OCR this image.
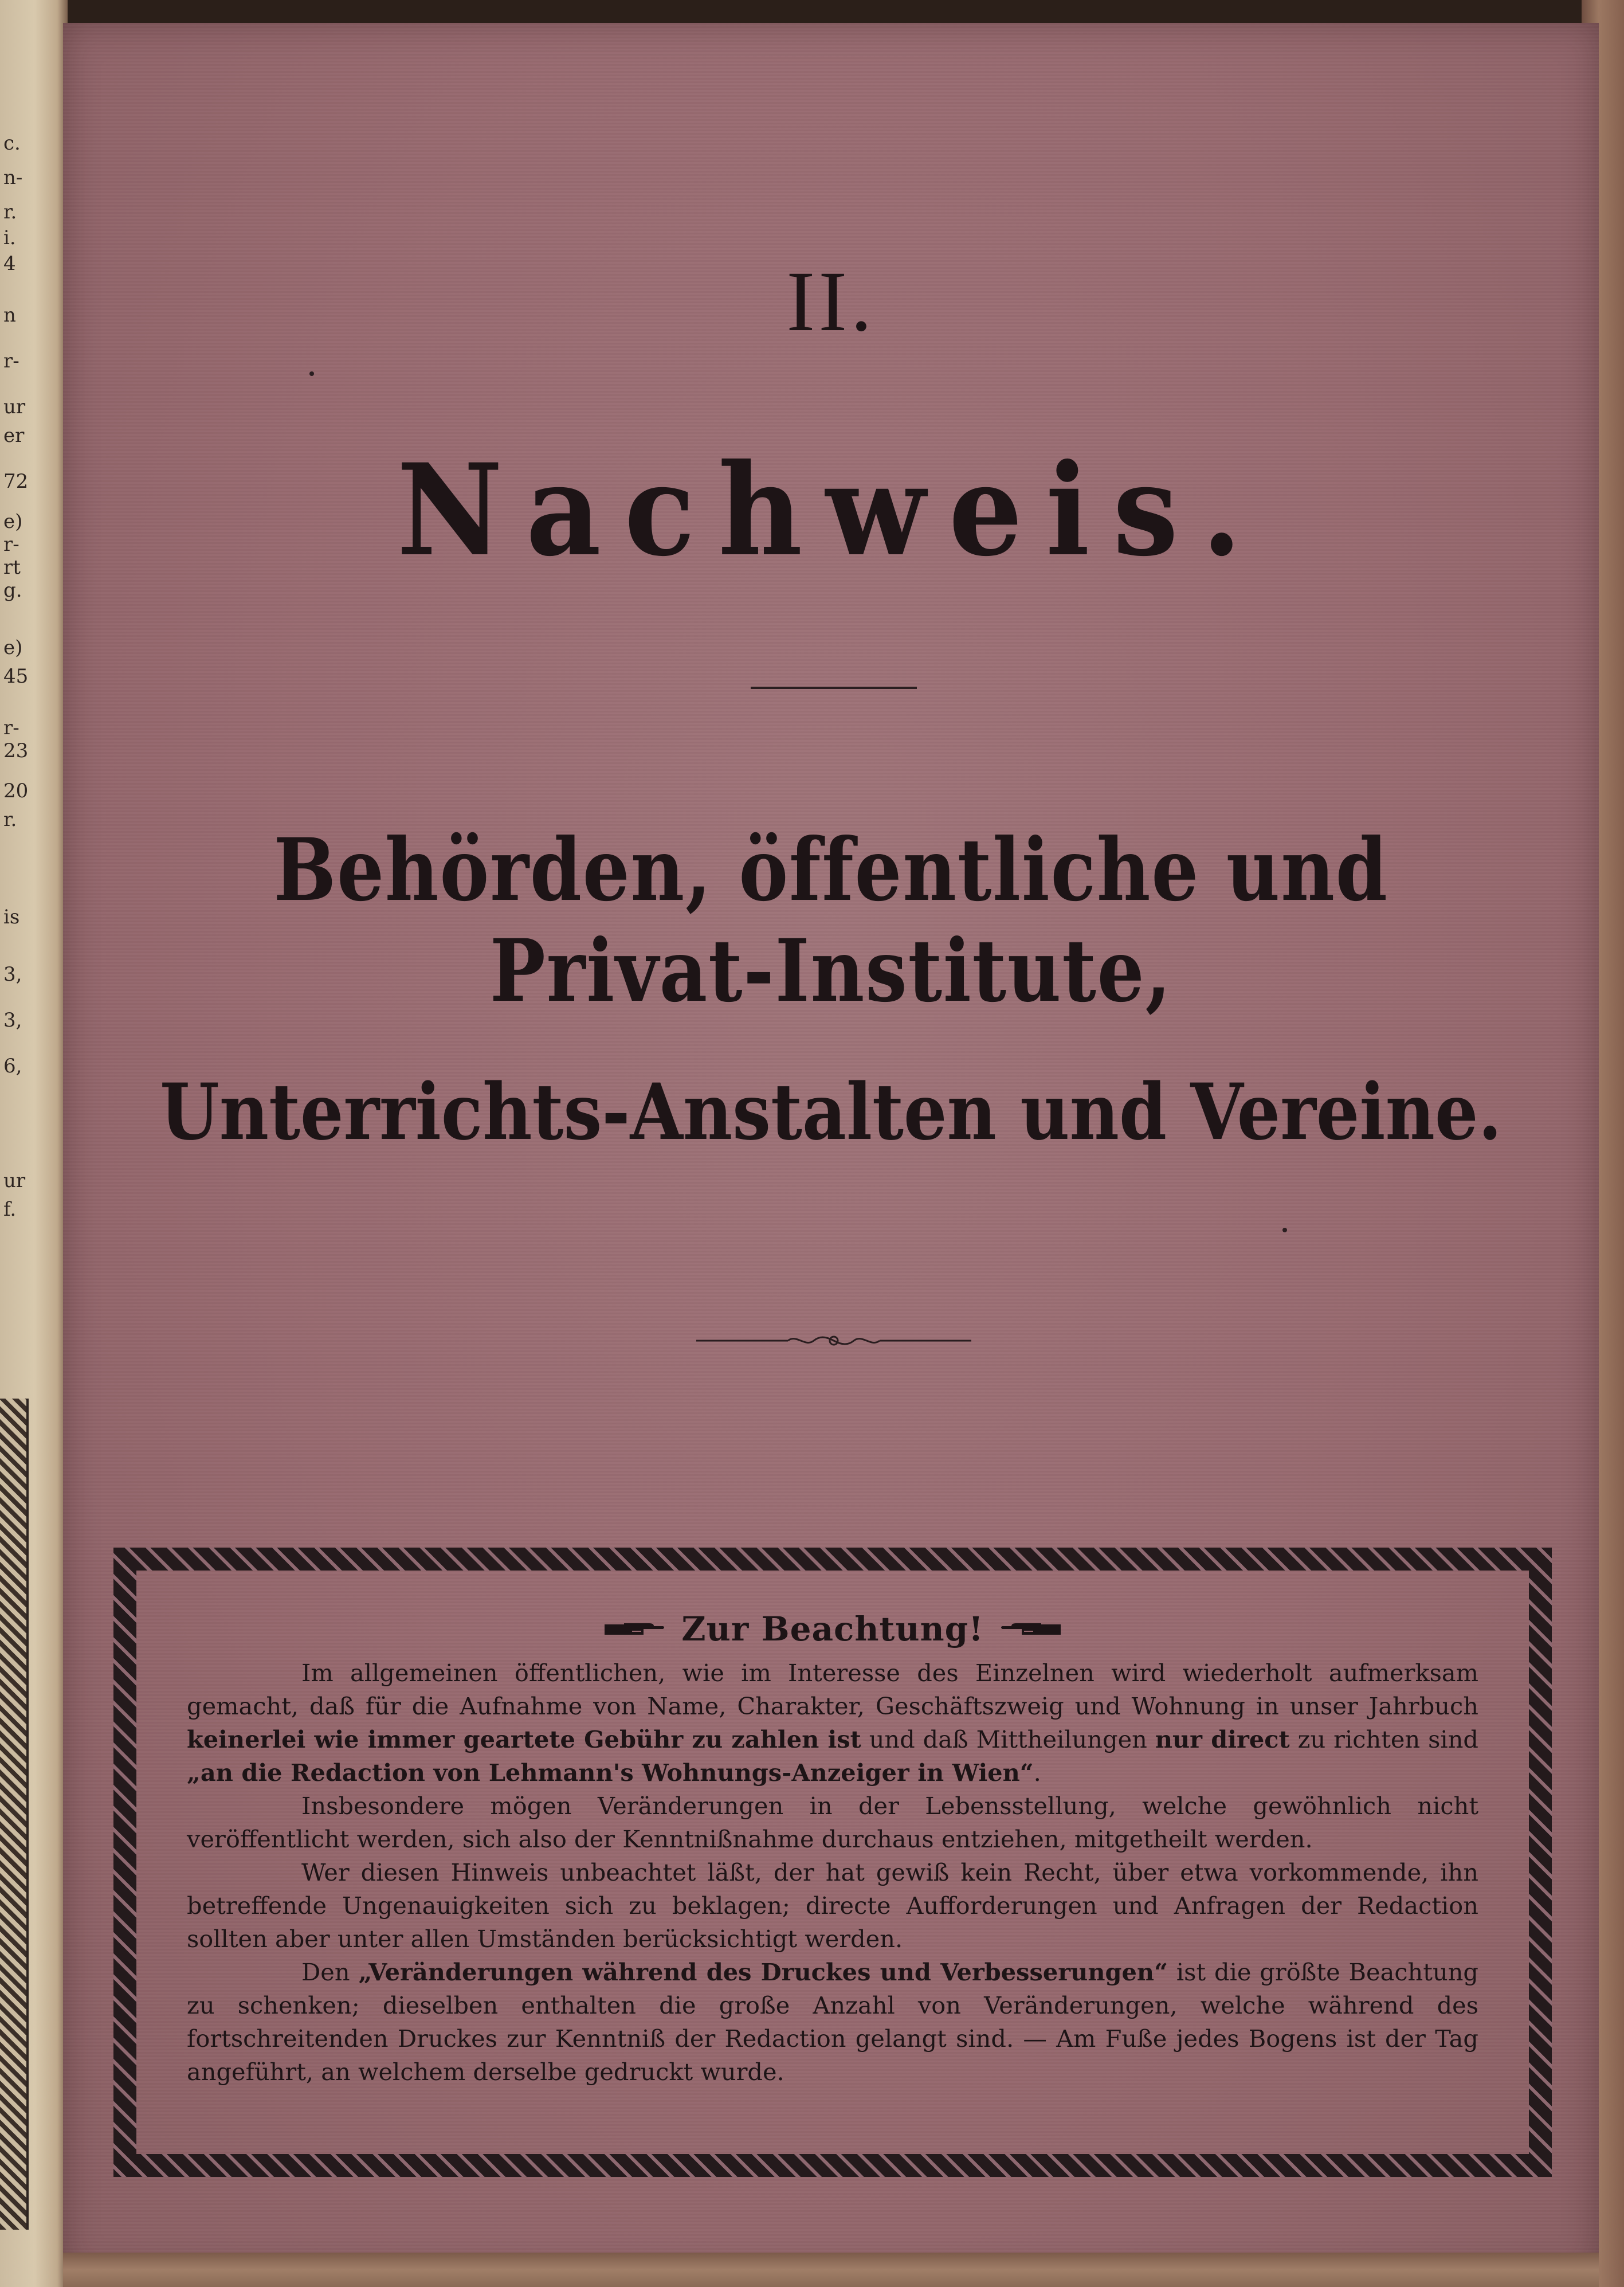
c.
n-
r.
i.
4
n
r-
ur
er
72
e)
r-
rt
g.
e)
45
r-
23
20
r.
is
3,
3,
6,
ur
f.
II.
Nachweis.
Behörden, öffentliche und Privat-Institute,
Unterrichts-Anstalten und Vereine.
Zur Beachtung!

Im allgemeinen öffentlichen, wie im Interesse des Einzelnen wird wiederholt aufmerksam gemacht, daß für die Aufnahme von Name, Charakter, Geschäftszweig und Wohnung in unser Jahrbuch keinerlei wie immer geartete Gebühr zu zahlen ist und daß Mittheilungen nur direct zu richten sind „an die Redaction von Lehmann's Wohnungs-Anzeiger in Wien“.

Insbesondere mögen Veränderungen in der Lebensstellung, welche gewöhnlich nicht veröffentlicht werden, sich also der Kenntnißnahme durchaus entziehen, mitgetheilt werden.

Wer diesen Hinweis unbeachtet läßt, der hat gewiß kein Recht, über etwa vorkommende, ihn betreffende Ungenauigkeiten sich zu beklagen; directe Aufforderungen und Anfragen der Redaction sollten aber unter allen Umständen berücksichtigt werden.

Den „Veränderungen während des Druckes und Verbesserungen“ ist die größte Beachtung zu schenken; dieselben enthalten die große Anzahl von Veränderungen, welche während des fortschreitenden Druckes zur Kenntniß der Redaction gelangt sind. — Am Fuße jedes Bogens ist der Tag angeführt, an welchem derselbe gedruckt wurde.
